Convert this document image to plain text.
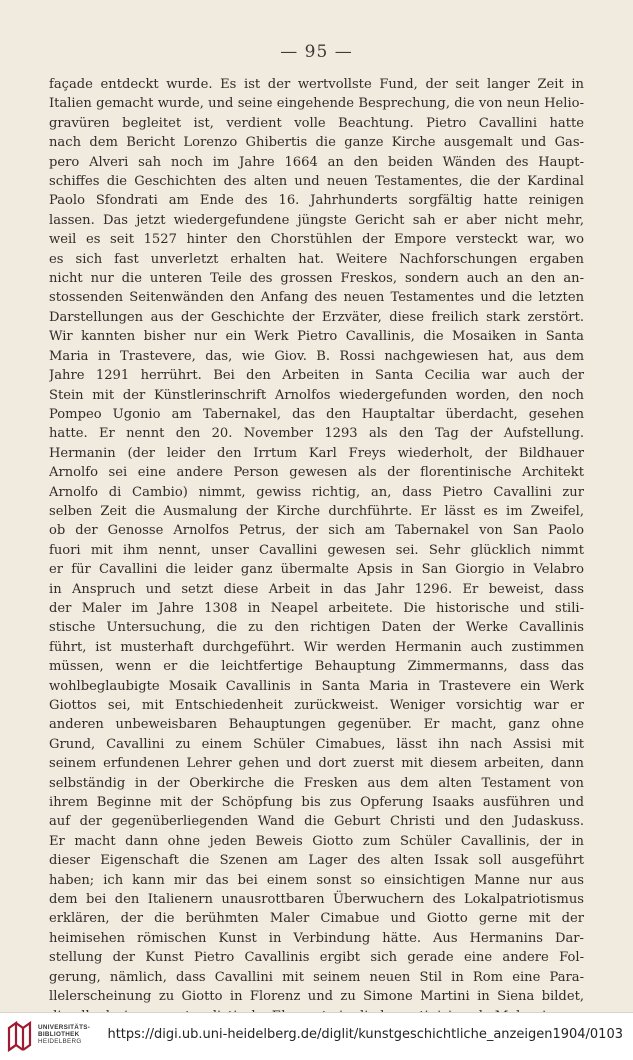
— 95 —
façade entdeckt wurde. Es ist der wertvollste Fund, der seit langer Zeit in
Italien gemacht wurde, und seine eingehende Besprechung, die von neun Helio-
gravüren begleitet ist, verdient volle Beachtung. Pietro Cavallini hatte
nach dem Bericht Lorenzo Ghibertis die ganze Kirche ausgemalt und Gas-
pero Alveri sah noch im Jahre 1664 an den beiden Wänden des Haupt-
schiffes die Geschichten des alten und neuen Testamentes, die der Kardinal
Paolo Sfondrati am Ende des 16. Jahrhunderts sorgfältig hatte reinigen
lassen. Das jetzt wiedergefundene jüngste Gericht sah er aber nicht mehr,
weil es seit 1527 hinter den Chorstühlen der Empore versteckt war, wo
es sich fast unverletzt erhalten hat. Weitere Nachforschungen ergaben
nicht nur die unteren Teile des grossen Freskos, sondern auch an den an-
stossenden Seitenwänden den Anfang des neuen Testamentes und die letzten
Darstellungen aus der Geschichte der Erzväter, diese freilich stark zerstört.
Wir kannten bisher nur ein Werk Pietro Cavallinis, die Mosaiken in Santa
Maria in Trastevere, das, wie Giov. B. Rossi nachgewiesen hat, aus dem
Jahre 1291 herrührt. Bei den Arbeiten in Santa Cecilia war auch der
Stein mit der Künstlerinschrift Arnolfos wiedergefunden worden, den noch
Pompeo Ugonio am Tabernakel, das den Hauptaltar überdacht, gesehen
hatte. Er nennt den 20. November 1293 als den Tag der Aufstellung.
Hermanin (der leider den Irrtum Karl Freys wiederholt, der Bildhauer
Arnolfo sei eine andere Person gewesen als der florentinische Architekt
Arnolfo di Cambio) nimmt, gewiss richtig, an, dass Pietro Cavallini zur
selben Zeit die Ausmalung der Kirche durchführte. Er lässt es im Zweifel,
ob der Genosse Arnolfos Petrus, der sich am Tabernakel von San Paolo
fuori mit ihm nennt, unser Cavallini gewesen sei. Sehr glücklich nimmt
er für Cavallini die leider ganz übermalte Apsis in San Giorgio in Velabro
in Anspruch und setzt diese Arbeit in das Jahr 1296. Er beweist, dass
der Maler im Jahre 1308 in Neapel arbeitete. Die historische und stili-
stische Untersuchung, die zu den richtigen Daten der Werke Cavallinis
führt, ist musterhaft durchgeführt. Wir werden Hermanin auch zustimmen
müssen, wenn er die leichtfertige Behauptung Zimmermanns, dass das
wohlbeglaubigte Mosaik Cavallinis in Santa Maria in Trastevere ein Werk
Giottos sei, mit Entschiedenheit zurückweist. Weniger vorsichtig war er
anderen unbeweisbaren Behauptungen gegenüber. Er macht, ganz ohne
Grund, Cavallini zu einem Schüler Cimabues, lässt ihn nach Assisi mit
seinem erfundenen Lehrer gehen und dort zuerst mit diesem arbeiten, dann
selbständig in der Oberkirche die Fresken aus dem alten Testament von
ihrem Beginne mit der Schöpfung bis zus Opferung Isaaks ausführen und
auf der gegenüberliegenden Wand die Geburt Christi und den Judaskuss.
Er macht dann ohne jeden Beweis Giotto zum Schüler Cavallinis, der in
dieser Eigenschaft die Szenen am Lager des alten Issak soll ausgeführt
haben; ich kann mir das bei einem sonst so einsichtigen Manne nur aus
dem bei den Italienern unausrottbaren Überwuchern des Lokalpatriotismus
erklären, der die berühmten Maler Cimabue und Giotto gerne mit der
heimisehen römischen Kunst in Verbindung hätte. Aus Hermanins Dar-
stellung der Kunst Pietro Cavallinis ergibt sich gerade eine andere Fol-
gerung, nämlich, dass Cavallini mit seinem neuen Stil in Rom eine Para-
llelerscheinung zu Giotto in Florenz und zu Simone Martini in Siena bildet,
UNIVERSITÄTS-
BIBLIOTHEK
HEIDELBERG	https://digi.ub.uni-heidelberg.de/diglit/kunstgeschichtliche_anzeigen1904/0103
